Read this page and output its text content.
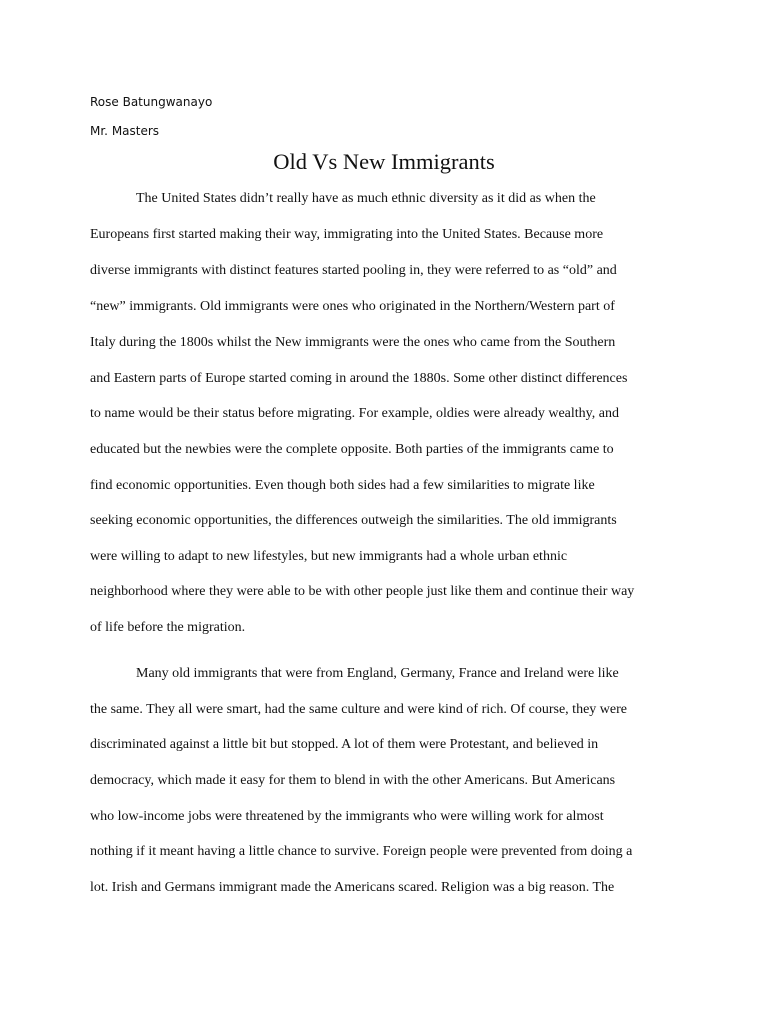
Rose Batungwanayo
Mr. Masters
Old Vs New Immigrants
The United States didn’t really have as much ethnic diversity as it did as when the
Europeans first started making their way, immigrating into the United States. Because more
diverse immigrants with distinct features started pooling in, they were referred to as “old” and
“new” immigrants. Old immigrants were ones who originated in the Northern/Western part of
Italy during the 1800s whilst the New immigrants were the ones who came from the Southern
and Eastern parts of Europe started coming in around the 1880s. Some other distinct differences
to name would be their status before migrating. For example, oldies were already wealthy, and
educated but the newbies were the complete opposite. Both parties of the immigrants came to
find economic opportunities. Even though both sides had a few similarities to migrate like
seeking economic opportunities, the differences outweigh the similarities. The old immigrants
were willing to adapt to new lifestyles, but new immigrants had a whole urban ethnic
neighborhood where they were able to be with other people just like them and continue their way
of life before the migration.
Many old immigrants that were from England, Germany, France and Ireland were like
the same. They all were smart, had the same culture and were kind of rich. Of course, they were
discriminated against a little bit but stopped. A lot of them were Protestant, and believed in
democracy, which made it easy for them to blend in with the other Americans. But Americans
who low-income jobs were threatened by the immigrants who were willing work for almost
nothing if it meant having a little chance to survive. Foreign people were prevented from doing a
lot. Irish and Germans immigrant made the Americans scared. Religion was a big reason. The
